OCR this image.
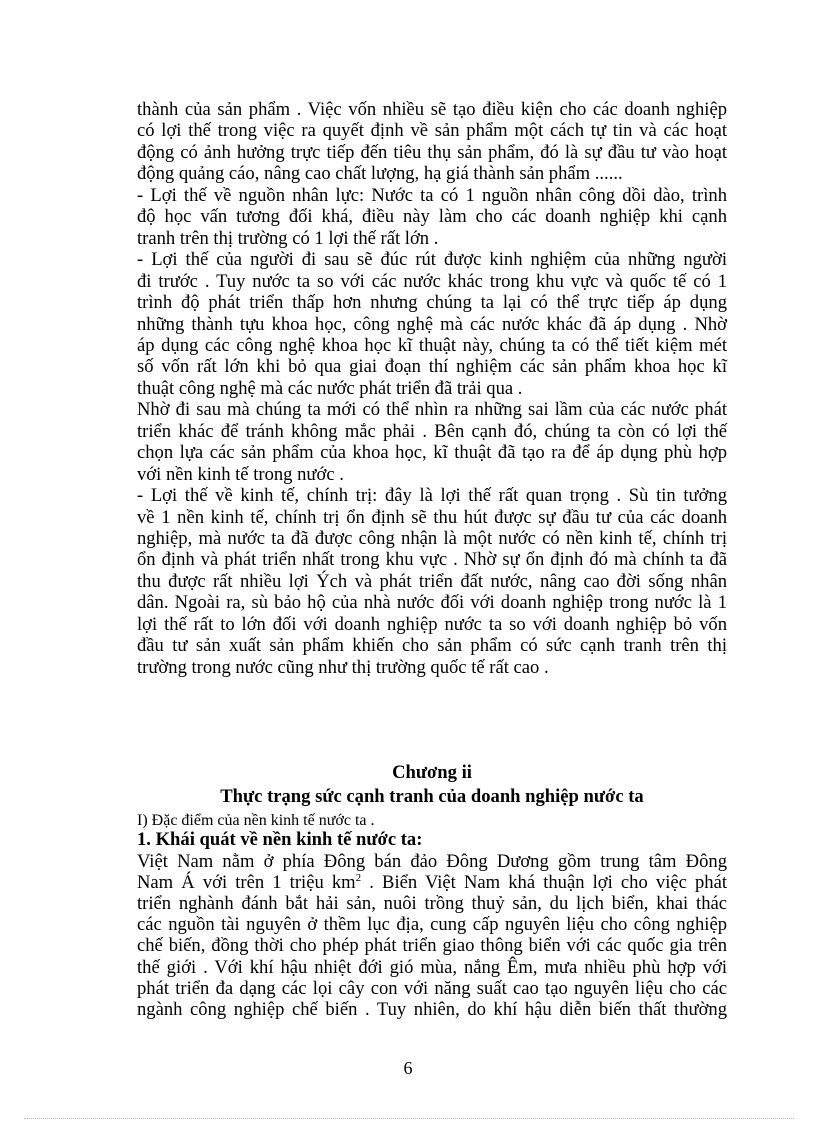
thành của sản phẩm . Việc vốn nhiều sẽ tạo điều kiện cho các doanh nghiệp
có lợi thế trong việc ra quyết định về sản phẩm một cách tự tin và các hoạt
động có ảnh hưởng trực tiếp đến tiêu thụ sản phẩm, đó là sự đầu tư vào hoạt
động quảng cáo, nâng cao chất lượng, hạ giá thành sản phẩm ......
- Lợi thế về nguồn nhân lực: Nước ta có 1 nguồn nhân công dồi dào, trình
độ học vấn tương đối khá, điều này làm cho các doanh nghiệp khi cạnh
tranh trên thị trường có 1 lợi thế rất lớn .
- Lợi thế của người đi sau sẽ đúc rút được kinh nghiệm của những người
đi trước . Tuy nước ta so với các nước khác trong khu vực và quốc tế có 1
trình độ phát triển thấp hơn nhưng chúng ta lại có thể trực tiếp áp dụng
những thành tựu khoa học, công nghệ mà các nước khác đã áp dụng . Nhờ
áp dụng các công nghệ khoa học kĩ thuật này, chúng ta có thể tiết kiệm mét
số vốn rất lớn khi bỏ qua giai đoạn thí nghiệm các sản phẩm khoa học kĩ
thuật công nghệ mà các nước phát triển đã trải qua .
Nhờ đi sau mà chúng ta mới có thể nhìn ra những sai lầm của các nước phát
triển khác để tránh không mắc phải . Bên cạnh đó, chúng ta còn có lợi thế
chọn lựa các sản phẩm của khoa học, kĩ thuật đã tạo ra để áp dụng phù hợp
với nền kinh tế trong nước .
- Lợi thế về kinh tế, chính trị: đây là lợi thế rất quan trọng . Sù tin tưởng
về 1 nền kinh tế, chính trị ổn định sẽ thu hút được sự đầu tư của các doanh
nghiệp, mà nước ta đã được công nhận là một nước có nền kinh tế, chính trị
ổn định và phát triển nhất trong khu vực . Nhờ sự ổn định đó mà chính ta đã
thu được rất nhiều lợi Ých và phát triển đất nước, nâng cao đời sống nhân
dân. Ngoài ra, sù bảo hộ của nhà nước đối với doanh nghiệp trong nước là 1
lợi thế rất to lớn đối với doanh nghiệp nước ta so với doanh nghiệp bỏ vốn
đầu tư sản xuất sản phẩm khiến cho sản phẩm có sức cạnh tranh trên thị
trường trong nước cũng như thị trường quốc tế rất cao .
Chương ii
Thực trạng sức cạnh tranh của doanh nghiệp nước ta
I) Đặc điểm của nền kinh tế nước ta .
1. Khái quát về nền kinh tế nước ta:
Việt Nam nằm ở phía Đông bán đảo Đông Dương gồm trung tâm Đông
Nam Á với trên 1 triệu $km^2$ . Biển Việt Nam khá thuận lợi cho việc phát
triển nghành đánh bắt hải sản, nuôi trồng thuỷ sản, du lịch biển, khai thác
các nguồn tài nguyên ở thềm lục địa, cung cấp nguyên liệu cho công nghiệp
chế biến, đồng thời cho phép phát triển giao thông biển với các quốc gia trên
thế giới . Với khí hậu nhiệt đới gió mùa, nắng Êm, mưa nhiều phù hợp với
phát triển đa dạng các lọi cây con với năng suất cao tạo nguyên liệu cho các
ngành công nghiệp chế biến . Tuy nhiên, do khí hậu diễn biến thất thường
6
